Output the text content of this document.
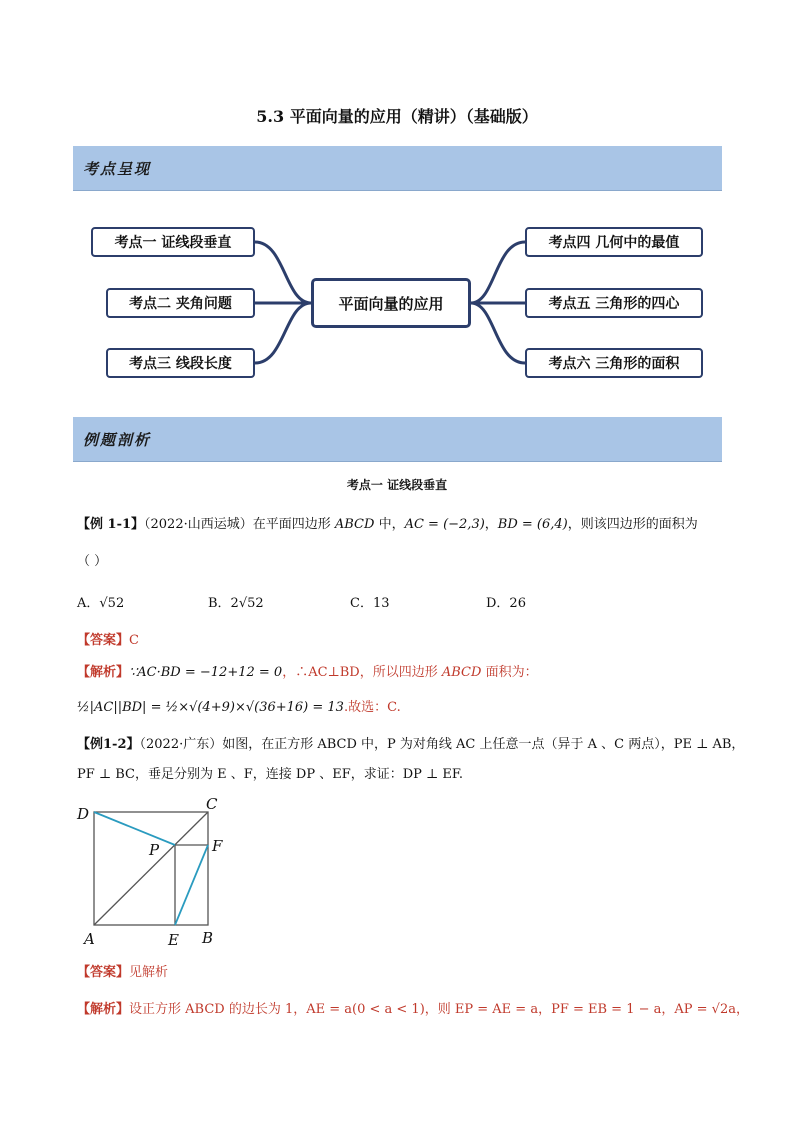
5.3 平面向量的应用（精讲）（基础版）
考点呈现
考点一 证线段垂直
考点二 夹角问题
考点三 线段长度
平面向量的应用
考点四 几何中的最值
考点五 三角形的四心
考点六 三角形的面积
例题剖析
考点一 证线段垂直
【例 1-1】（2022·山西运城）在平面四边形 ABCD 中，AC = (−2,3)，BD = (6,4)，则该四边形的面积为
（ ）
A．√52	B．2√52	C．13	D．26
【答案】C
【解析】∵AC·BD = −12+12 = 0，∴AC⊥BD，所以四边形 ABCD 面积为：
½|AC||BD| = ½×√(4+9)×√(36+16) = 13.故选：C.
【例1-2】（2022·广东）如图，在正方形 ABCD 中，P 为对角线 AC 上任意一点（异于 A 、C 两点），PE ⊥ AB，
PF ⊥ BC，垂足分别为 E 、F，连接 DP 、EF，求证：DP ⊥ EF.
D
C
P	F
A	E B
【答案】见解析
【解析】设正方形 ABCD 的边长为 1，AE = a(0 < a < 1)，则 EP = AE = a，PF = EB = 1 − a，AP = √2a，
